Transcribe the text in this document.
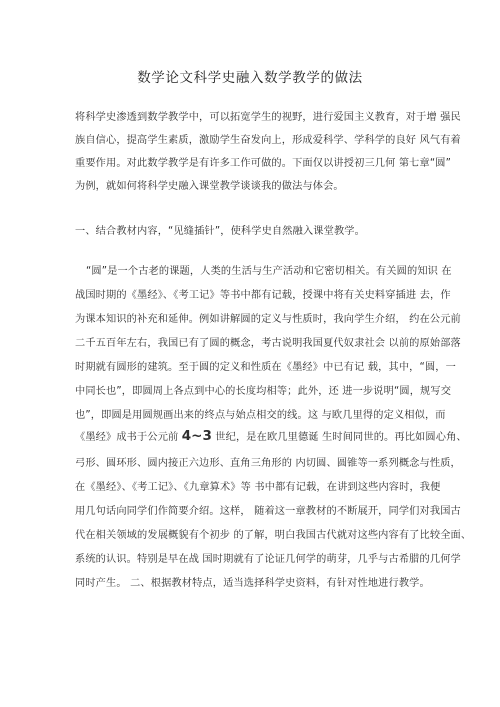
数学论文科学史融入数学教学的做法
将科学史渗透到数学教学中，可以拓宽学生的视野，进行爱国主义教育，对于增 强民
族自信心，提高学生素质，激励学生奋发向上，形成爱科学、学科学的良好 风气有着
重要作用。对此数学教学是有许多工作可做的。下面仅以讲授初三几何 第七章“圆”
为例，就如何将科学史融入课堂教学谈谈我的做法与体会。
一、结合教材内容，“见缝插针”，使科学史自然融入课堂教学。
“圆”是一个古老的课题，人类的生活与生产活动和它密切相关。有关圆的知识 在
战国时期的《墨经》、《考工记》等书中都有记载，授课中将有关史料穿插进 去，作
为课本知识的补充和延伸。例如讲解圆的定义与性质时，我向学生介绍， 约在公元前
二千五百年左右，我国已有了圆的概念，考古说明我国夏代奴隶社会 以前的原始部落
时期就有圆形的建筑。至于圆的定义和性质在《墨经》中已有记 载，其中，“圆，一
中同长也”，即圆周上各点到中心的长度均相等；此外，还 进一步说明“圆，规写交
也”，即圆是用圆规画出来的终点与始点相交的线。这 与欧几里得的定义相似，而
《墨经》成书于公元前 4~3 世纪，是在欧几里德诞 生时间同世的。再比如圆心角、
弓形、圆环形、圆内接正六边形、直角三角形的 内切圆、圆锥等一系列概念与性质，
在《墨经》、《考工记》、《九章算术》等 书中都有记载，在讲到这些内容时，我便
用几句话向同学们作简要介绍。这样， 随着这一章教材的不断展开，同学们对我国古
代在相关领域的发展概貌有个初步 的了解，明白我国古代就对这些内容有了比较全面、
系统的认识。特别是早在战 国时期就有了论证几何学的萌芽，几乎与古希腊的几何学
同时产生。 二、根据教材特点，适当选择科学史资料，有针对性地进行教学。
